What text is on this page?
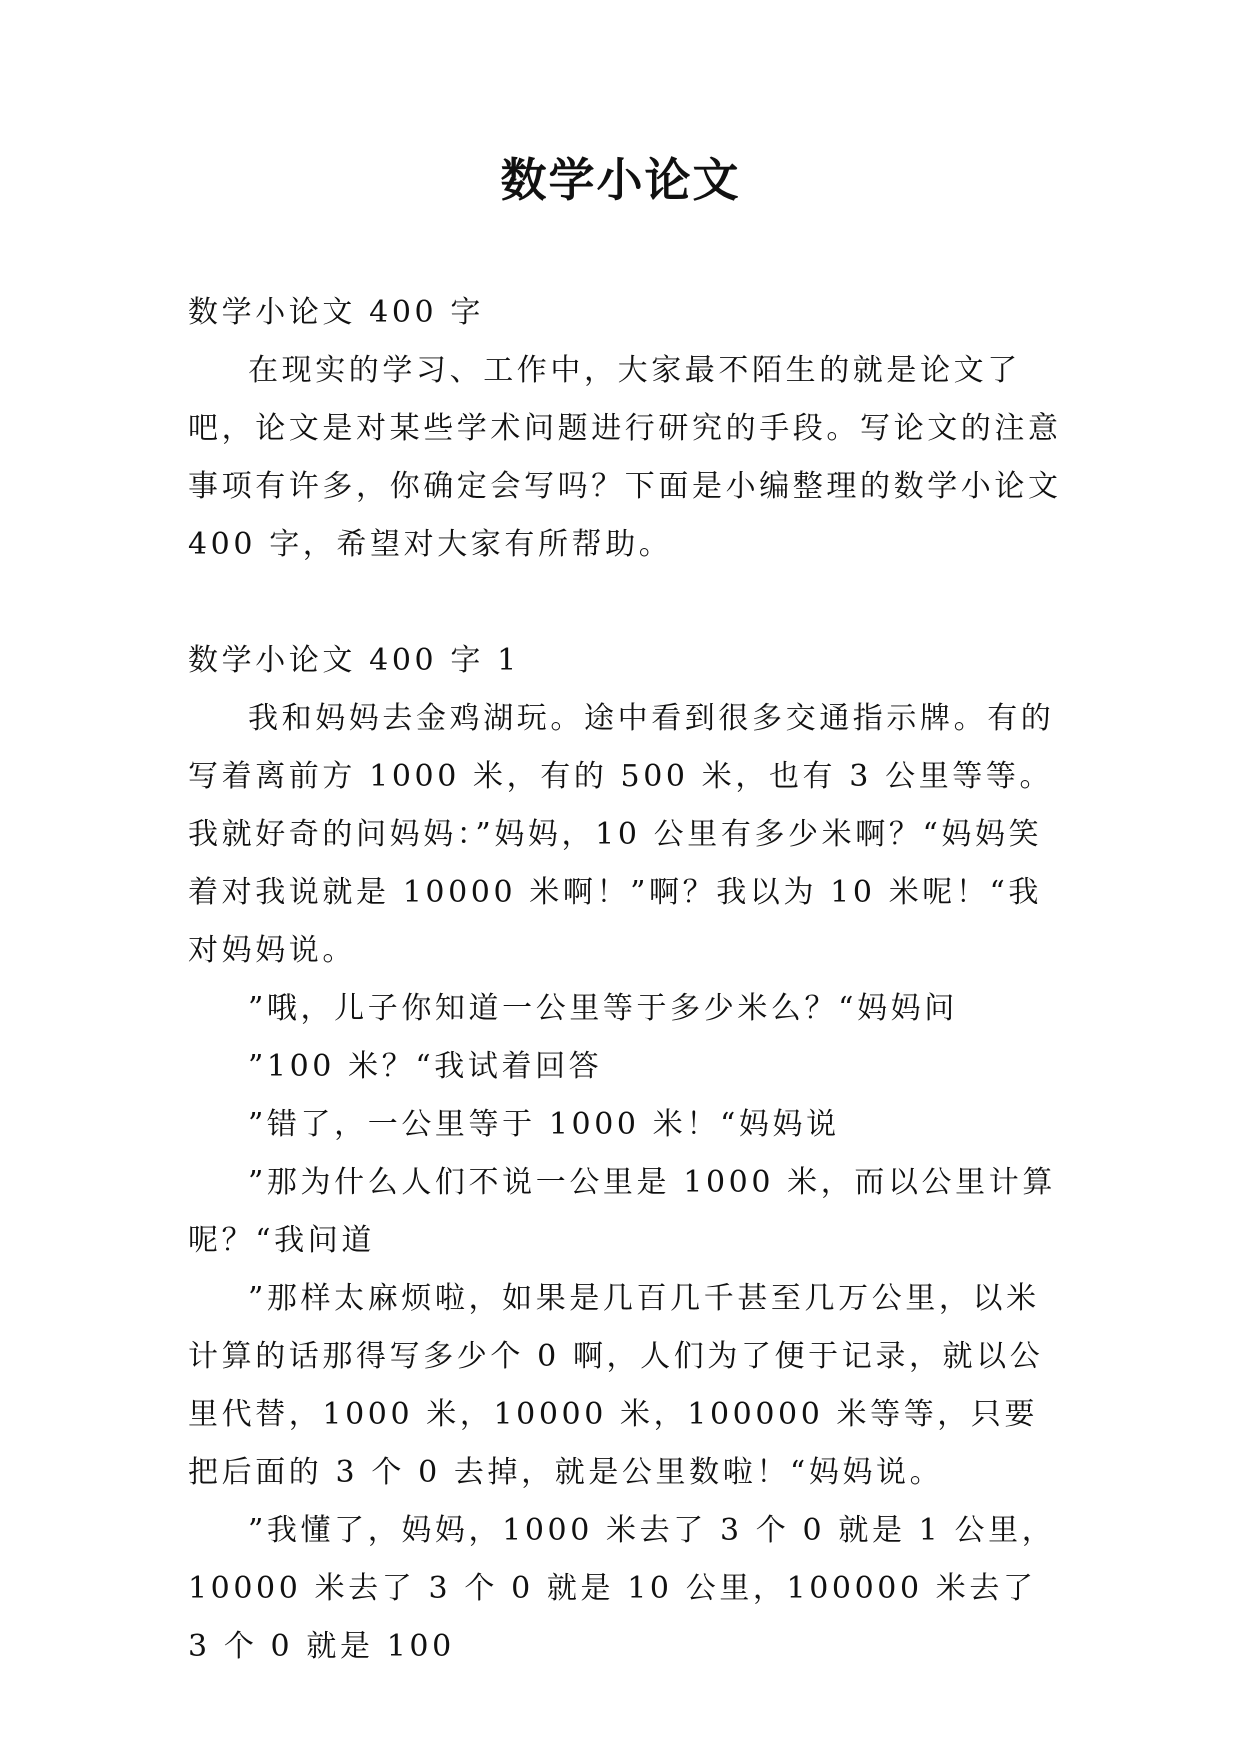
数学小论文

数学小论文 400 字

在现实的学习、工作中，大家最不陌生的就是论文了吧，论文是对某些学术问题进行研究的手段。写论文的注意事项有许多，你确定会写吗？下面是小编整理的数学小论文 400 字，希望对大家有所帮助。

数学小论文 400 字 1

我和妈妈去金鸡湖玩。途中看到很多交通指示牌。有的写着离前方 1000 米，有的 500 米，也有 3 公里等等。我就好奇的问妈妈：”妈妈，10 公里有多少米啊？“妈妈笑着对我说就是 10000 米啊！”啊？我以为 10 米呢！“我对妈妈说。

”哦，儿子你知道一公里等于多少米么？“妈妈问

”100 米？“我试着回答

”错了，一公里等于 1000 米！“妈妈说

”那为什么人们不说一公里是 1000 米，而以公里计算呢？“我问道

”那样太麻烦啦，如果是几百几千甚至几万公里，以米计算的话那得写多少个 0 啊，人们为了便于记录，就以公里代替，1000 米，10000 米，100000 米等等，只要把后面的 3 个 0 去掉，就是公里数啦！“妈妈说。

”我懂了，妈妈，1000 米去了 3 个 0 就是 1 公里，10000 米去了 3 个 0 就是 10 公里，100000 米去了 3 个 0 就是 100
